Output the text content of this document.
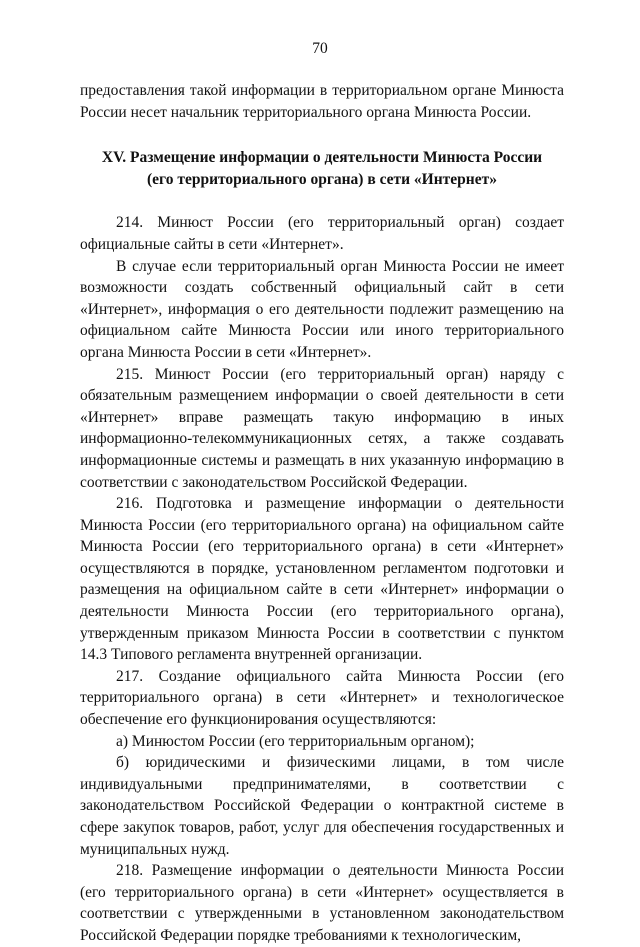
70

предоставления такой информации в территориальном органе Минюста России несет начальник территориального органа Минюста России.

XV. Размещение информации о деятельности Минюста России
(его территориального органа) в сети «Интернет»

214. Минюст России (его территориальный орган) создает официальные сайты в сети «Интернет».

В случае если территориальный орган Минюста России не имеет возможности создать собственный официальный сайт в сети «Интернет», информация о его деятельности подлежит размещению на официальном сайте Минюста России или иного территориального органа Минюста России в сети «Интернет».

215. Минюст России (его территориальный орган) наряду с обязательным размещением информации о своей деятельности в сети «Интернет» вправе размещать такую информацию в иных информационно-телекоммуникационных сетях, а также создавать информационные системы и размещать в них указанную информацию в соответствии с законодательством Российской Федерации.

216. Подготовка и размещение информации о деятельности Минюста России (его территориального органа) на официальном сайте Минюста России (его территориального органа) в сети «Интернет» осуществляются в порядке, установленном регламентом подготовки и размещения на официальном сайте в сети «Интернет» информации о деятельности Минюста России (его территориального органа), утвержденным приказом Минюста России в соответствии с пунктом 14.3 Типового регламента внутренней организации.

217. Создание официального сайта Минюста России (его территориального органа) в сети «Интернет» и технологическое обеспечение его функционирования осуществляются:

а) Минюстом России (его территориальным органом);

б) юридическими и физическими лицами, в том числе индивидуальными предпринимателями, в соответствии с законодательством Российской Федерации о контрактной системе в сфере закупок товаров, работ, услуг для обеспечения государственных и муниципальных нужд.

218. Размещение информации о деятельности Минюста России (его территориального органа) в сети «Интернет» осуществляется в соответствии с утвержденными в установленном законодательством Российской Федерации порядке требованиями к технологическим,
